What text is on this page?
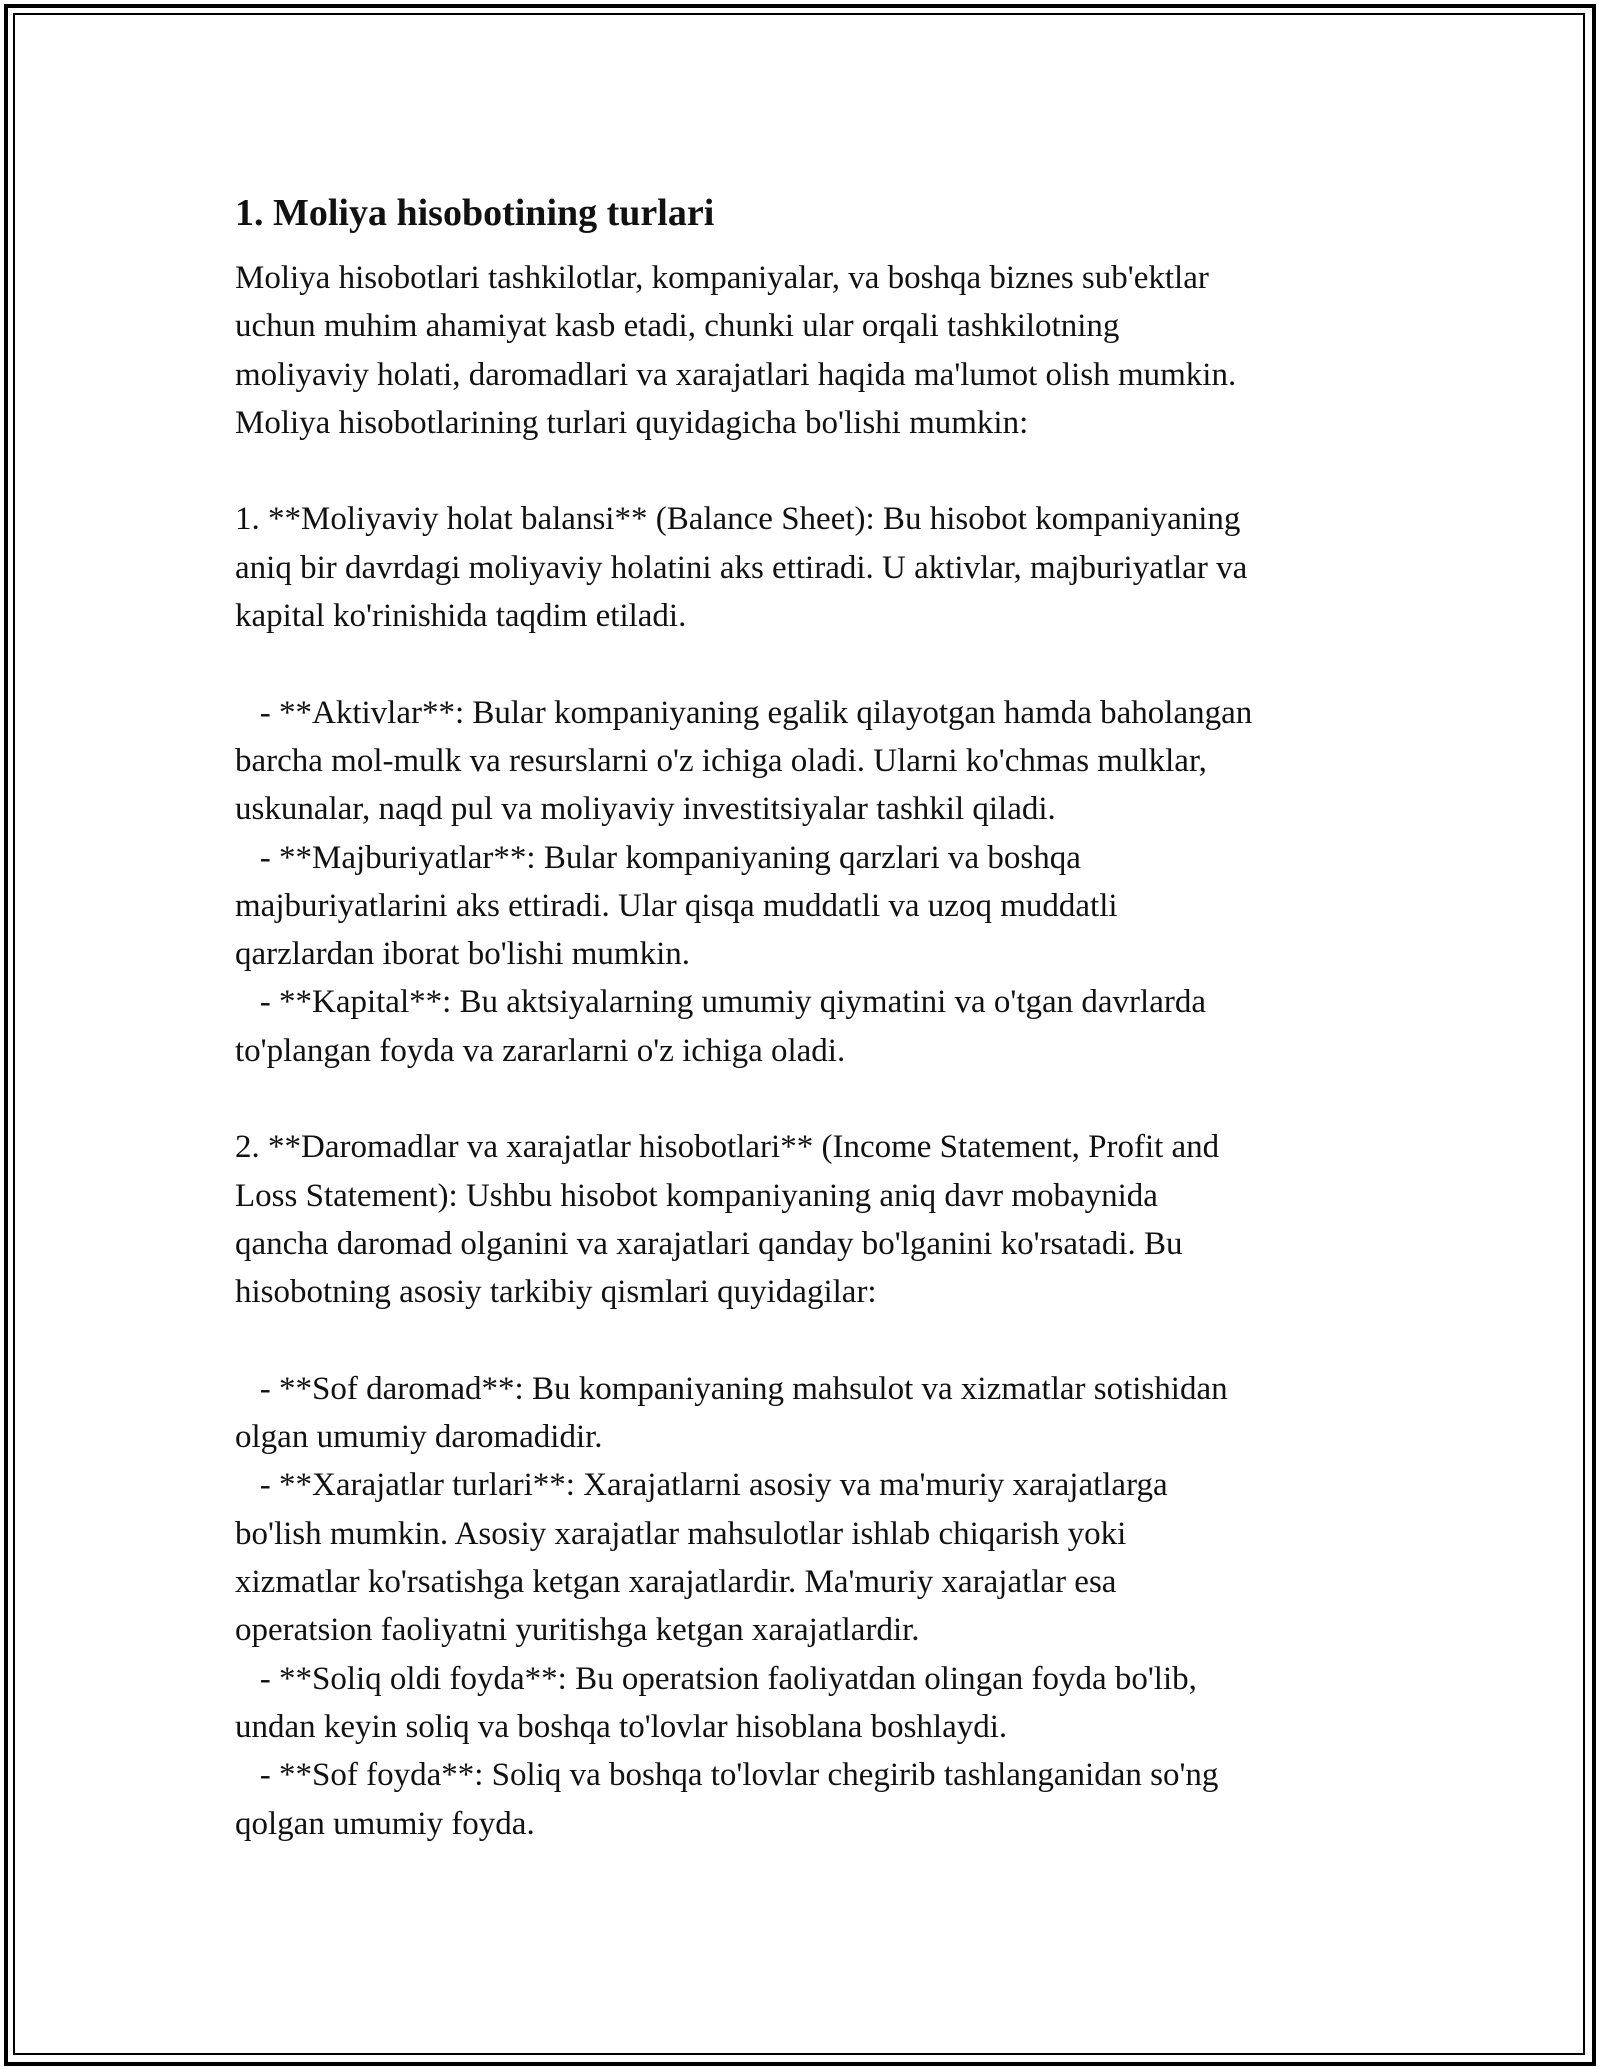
1. Moliya hisobotining turlari

Moliya hisobotlari tashkilotlar, kompaniyalar, va boshqa biznes sub'ektlar
uchun muhim ahamiyat kasb etadi, chunki ular orqali tashkilotning
moliyaviy holati, daromadlari va xarajatlari haqida ma'lumot olish mumkin.
Moliya hisobotlarining turlari quyidagicha bo'lishi mumkin:

1. **Moliyaviy holat balansi** (Balance Sheet): Bu hisobot kompaniyaning
aniq bir davrdagi moliyaviy holatini aks ettiradi. U aktivlar, majburiyatlar va
kapital ko'rinishida taqdim etiladi.

- **Aktivlar**: Bular kompaniyaning egalik qilayotgan hamda baholangan
barcha mol-mulk va resurslarni o'z ichiga oladi. Ularni ko'chmas mulklar,
uskunalar, naqd pul va moliyaviy investitsiyalar tashkil qiladi.
- **Majburiyatlar**: Bular kompaniyaning qarzlari va boshqa
majburiyatlarini aks ettiradi. Ular qisqa muddatli va uzoq muddatli
qarzlardan iborat bo'lishi mumkin.
- **Kapital**: Bu aktsiyalarning umumiy qiymatini va o'tgan davrlarda
to'plangan foyda va zararlarni o'z ichiga oladi.

2. **Daromadlar va xarajatlar hisobotlari** (Income Statement, Profit and
Loss Statement): Ushbu hisobot kompaniyaning aniq davr mobaynida
qancha daromad olganini va xarajatlari qanday bo'lganini ko'rsatadi. Bu
hisobotning asosiy tarkibiy qismlari quyidagilar:

- **Sof daromad**: Bu kompaniyaning mahsulot va xizmatlar sotishidan
olgan umumiy daromadidir.
- **Xarajatlar turlari**: Xarajatlarni asosiy va ma'muriy xarajatlarga
bo'lish mumkin. Asosiy xarajatlar mahsulotlar ishlab chiqarish yoki
xizmatlar ko'rsatishga ketgan xarajatlardir. Ma'muriy xarajatlar esa
operatsion faoliyatni yuritishga ketgan xarajatlardir.
- **Soliq oldi foyda**: Bu operatsion faoliyatdan olingan foyda bo'lib,
undan keyin soliq va boshqa to'lovlar hisoblana boshlaydi.
- **Sof foyda**: Soliq va boshqa to'lovlar chegirib tashlanganidan so'ng
qolgan umumiy foyda.
